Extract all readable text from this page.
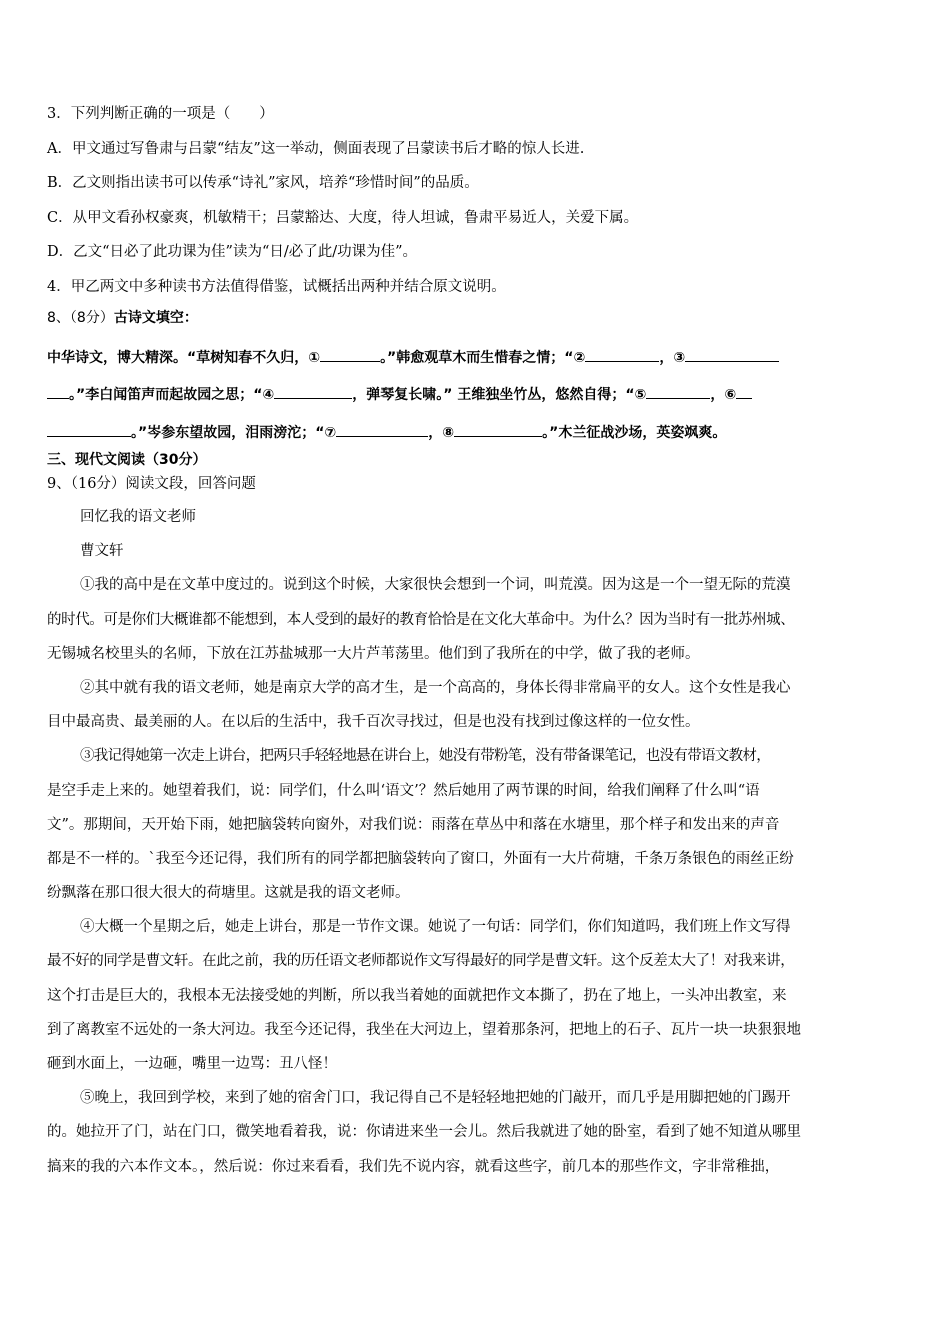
3．下列判断正确的一项是（　　）
A．甲文通过写鲁肃与吕蒙“结友”这一举动，侧面表现了吕蒙读书后才略的惊人长进.
B．乙文则指出读书可以传承“诗礼”家风，培养“珍惜时间”的品质。
C．从甲文看孙权豪爽，机敏精干；吕蒙豁达、大度，待人坦诚，鲁肃平易近人，关爱下属。
D．乙文“日必了此功课为佳”读为“日/必了此/功课为佳”。
4．甲乙两文中多种读书方法值得借鉴，试概括出两种并结合原文说明。
8、（8分）古诗文填空：
中华诗文，博大精深。“草树知春不久归，①	。”韩愈观草木而生惜春之情；“②	，③
。”李白闻笛声而起故园之思；“④	，弹琴复长啸。” 王维独坐竹丛，悠然自得；“⑤	，⑥
。”岑参东望故园，泪雨滂沱；“⑦	，⑧	。”木兰征战沙场，英姿飒爽。
三、现代文阅读（30分）
9、（16分）阅读文段，回答问题
回忆我的语文老师
曹文轩
①我的高中是在文革中度过的。说到这个时候，大家很快会想到一个词，叫荒漠。因为这是一个一望无际的荒漠
的时代。可是你们大概谁都不能想到，本人受到的最好的教育恰恰是在文化大革命中。为什么？因为当时有一批苏州城、
无锡城名校里头的名师，下放在江苏盐城那一大片芦苇荡里。他们到了我所在的中学，做了我的老师。
②其中就有我的语文老师，她是南京大学的高才生，是一个高高的，身体长得非常扁平的女人。这个女性是我心
目中最高贵、最美丽的人。在以后的生活中，我千百次寻找过，但是也没有找到过像这样的一位女性。
③我记得她第一次走上讲台，把两只手轻轻地悬在讲台上，她没有带粉笔，没有带备课笔记，也没有带语文教材，
是空手走上来的。她望着我们，说：同学们，什么叫‘语文’？然后她用了两节课的时间，给我们阐释了什么叫“语
文”。那期间，天开始下雨，她把脑袋转向窗外，对我们说：雨落在草丛中和落在水塘里，那个样子和发出来的声音
都是不一样的。`我至今还记得，我们所有的同学都把脑袋转向了窗口，外面有一大片荷塘，千条万条银色的雨丝正纷
纷飘落在那口很大很大的荷塘里。这就是我的语文老师。
④大概一个星期之后，她走上讲台，那是一节作文课。她说了一句话：同学们，你们知道吗，我们班上作文写得
最不好的同学是曹文轩。在此之前，我的历任语文老师都说作文写得最好的同学是曹文轩。这个反差太大了！对我来讲，
这个打击是巨大的，我根本无法接受她的判断，所以我当着她的面就把作文本撕了，扔在了地上，一头冲出教室，来
到了离教室不远处的一条大河边。我至今还记得，我坐在大河边上，望着那条河，把地上的石子、瓦片一块一块狠狠地
砸到水面上，一边砸，嘴里一边骂：丑八怪！
⑤晚上，我回到学校，来到了她的宿舍门口，我记得自己不是轻轻地把她的门敲开，而几乎是用脚把她的门踢开
的。她拉开了门，站在门口，微笑地看着我，说：你请进来坐一会儿。然后我就进了她的卧室，看到了她不知道从哪里
搞来的我的六本作文本。，然后说：你过来看看，我们先不说内容，就看这些字，前几本的那些作文，字非常稚拙，
